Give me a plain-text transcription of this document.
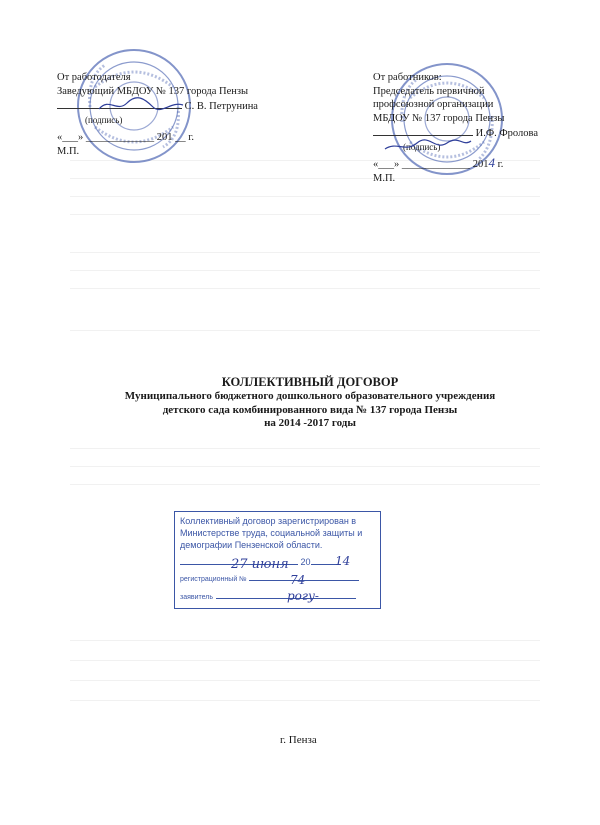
От работодателя
Заведующий МБДОУ № 137 города Пензы
С. В. Петрунина
(подпись)
«___» _____________ 201 __ г.
М.П.
От работников:
Председатель первичной
профсоюзной организации
МБДОУ № 137 города Пензы
И.Ф. Фролова
(подпись)
«___» _____________ 2014 г.
М.П.
КОЛЛЕКТИВНЫЙ ДОГОВОР
Муниципального бюджетного дошкольного образовательного учреждения
детского сада комбинированного вида № 137 города Пензы
на 2014 -2017 годы
Коллективный договор зарегистрирован в
Министерстве труда, социальной защиты и
демографии Пензенской области.
20
регистрационный №
заявитель
27 июня	14
74
рогу-
г. Пенза
